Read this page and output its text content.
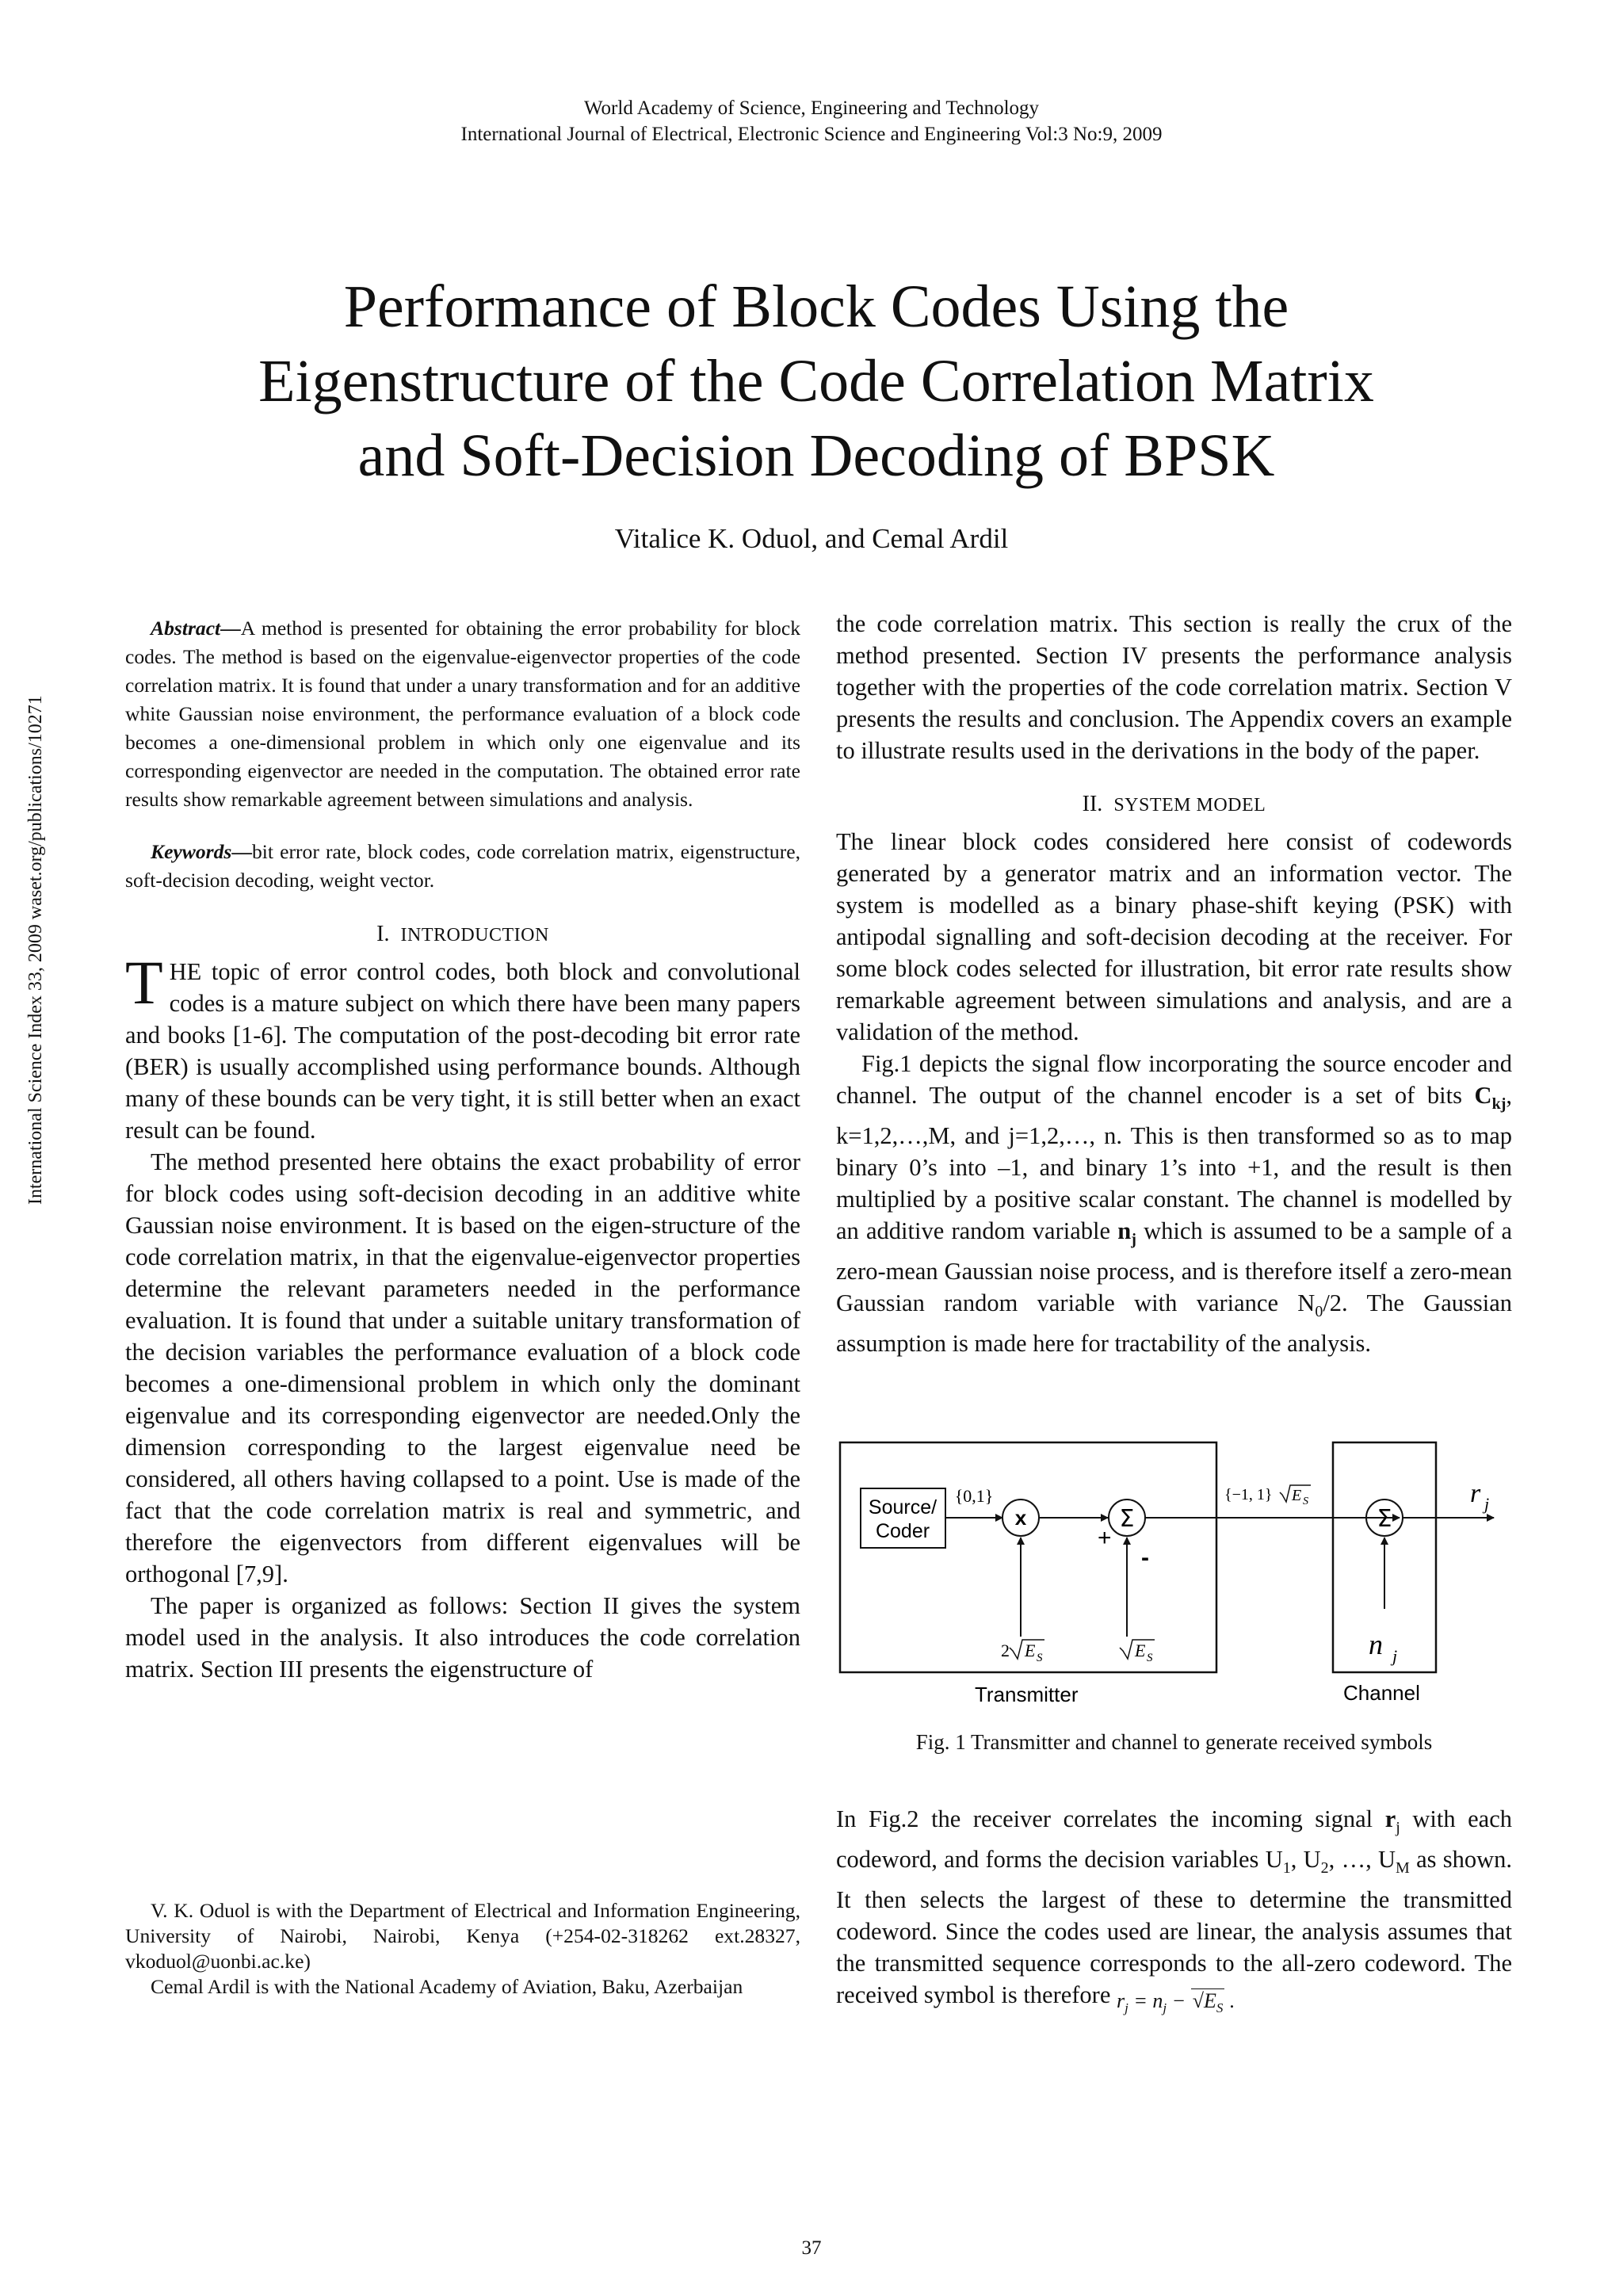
World Academy of Science, Engineering and Technology
International Journal of Electrical, Electronic Science and Engineering Vol:3 No:9, 2009
International Science Index 33, 2009 waset.org/publications/10271
Performance of Block Codes Using the
Eigenstructure of the Code Correlation Matrix
and Soft-Decision Decoding of BPSK
Vitalice K. Oduol, and Cemal Ardil

Abstract—A method is presented for obtaining the error probability for block codes. The method is based on the eigenvalue-eigenvector properties of the code correlation matrix. It is found that under a unary transformation and for an additive white Gaussian noise environment, the performance evaluation of a block code becomes a one-dimensional problem in which only one eigenvalue and its corresponding eigenvector are needed in the computation. The obtained error rate results show remarkable agreement between simulations and analysis.

Keywords—bit error rate, block codes, code correlation matrix, eigenstructure, soft-decision decoding, weight vector.

I. INTRODUCTION

THE topic of error control codes, both block and convolutional codes is a mature subject on which there have been many papers and books [1-6]. The computation of the post-decoding bit error rate (BER) is usually accomplished using performance bounds. Although many of these bounds can be very tight, it is still better when an exact result can be found.

The method presented here obtains the exact probability of error for block codes using soft-decision decoding in an additive white Gaussian noise environment. It is based on the eigen-structure of the code correlation matrix, in that the eigenvalue-eigenvector properties determine the relevant parameters needed in the performance evaluation. It is found that under a suitable unitary transformation of the decision variables the performance evaluation of a block code becomes a one-dimensional problem in which only the dominant eigenvalue and its corresponding eigenvector are needed.Only the dimension corresponding to the largest eigenvalue need be considered, all others having collapsed to a point. Use is made of the fact that the code correlation matrix is real and symmetric, and therefore the eigenvectors from different eigenvalues will be orthogonal [7,9].

The paper is organized as follows: Section II gives the system model used in the analysis. It also introduces the code correlation matrix. Section III presents the eigenstructure of

V. K. Oduol is with the Department of Electrical and Information Engineering, University of Nairobi, Nairobi, Kenya (+254-02-318262 ext.28327, vkoduol@uonbi.ac.ke)

Cemal Ardil is with the National Academy of Aviation, Baku, Azerbaijan

the code correlation matrix. This section is really the crux of the method presented. Section IV presents the performance analysis together with the properties of the code correlation matrix. Section V presents the results and conclusion. The Appendix covers an example to illustrate results used in the derivations in the body of the paper.

II. SYSTEM MODEL

The linear block codes considered here consist of codewords generated by a generator matrix and an information vector. The system is modelled as a binary phase-shift keying (PSK) with antipodal signalling and soft-decision decoding at the receiver. For some block codes selected for illustration, bit error rate results show remarkable agreement between simulations and analysis, and are a validation of the method.

Fig.1 depicts the signal flow incorporating the source encoder and channel. The output of the channel encoder is a set of bits $C_{kj}$, k=1,2,…,M, and j=1,2,…, n. This is then transformed so as to map binary 0’s into –1, and binary 1’s into +1, and the result is then multiplied by a positive scalar constant. The channel is modelled by an additive random variable $n_j$ which is assumed to be a sample of a zero-mean Gaussian noise process, and is therefore itself a zero-mean Gaussian random variable with variance $N_0/2$. The Gaussian assumption is made here for tractability of the analysis.

Source/
Coder
{0,1}
x
2 E S
+
Σ
-
E S
{−1, 1} E S
Σ
n j
r j
Transmitter	Channel
Fig. 1 Transmitter and channel to generate received symbols

In Fig.2 the receiver correlates the incoming signal $r_j$ with each codeword, and forms the decision variables $U_1$, $U_2$, …, $U_M$ as shown. It then selects the largest of these to determine the transmitted codeword. Since the codes used are linear, the analysis assumes that the transmitted sequence corresponds to the all-zero codeword. The received symbol is therefore $r_j = n_j - √E_S$ .

37
